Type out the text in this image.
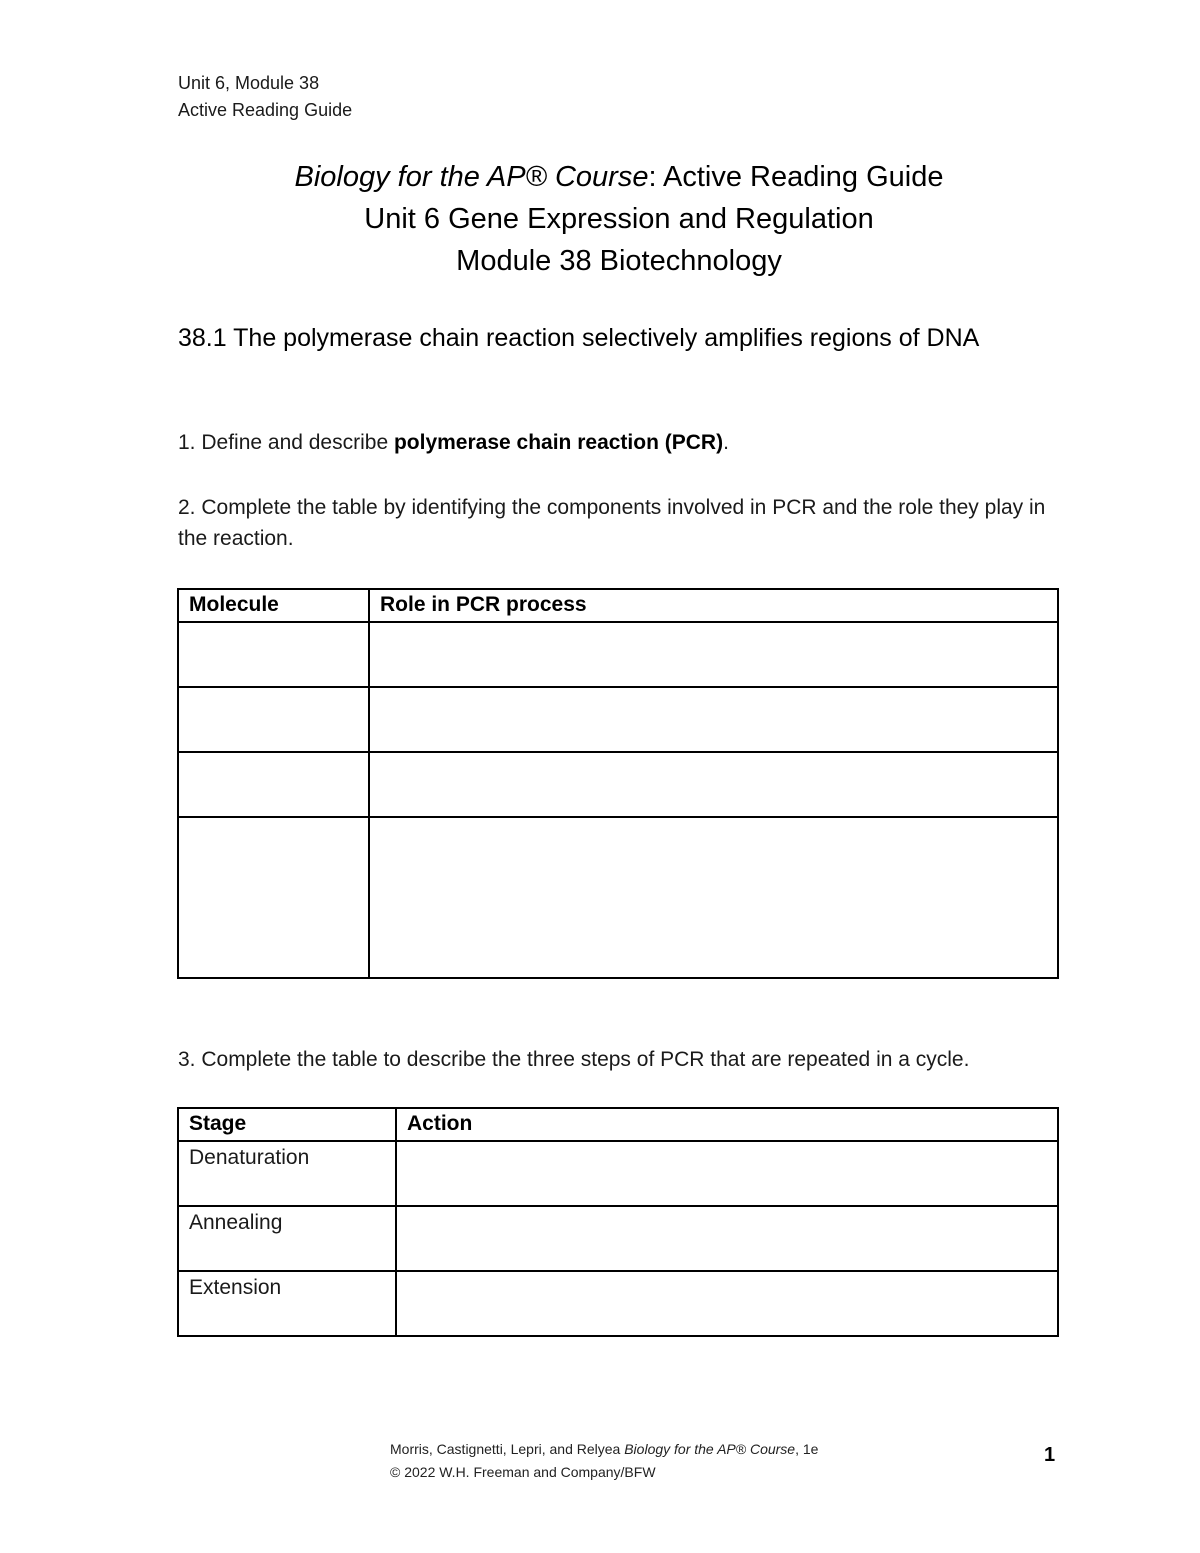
Unit 6, Module 38
Active Reading Guide
Biology for the AP® Course: Active Reading Guide
Unit 6 Gene Expression and Regulation
Module 38 Biotechnology
38.1 The polymerase chain reaction selectively amplifies regions of DNA
1. Define and describe polymerase chain reaction (PCR).
2. Complete the table by identifying the components involved in PCR and the role they play in the reaction.
Molecule	Role in PCR process

3. Complete the table to describe the three steps of PCR that are repeated in a cycle.
Stage	Action
Denaturation	
Annealing	
Extension	
Morris, Castignetti, Lepri, and Relyea Biology for the AP® Course, 1e
© 2022 W.H. Freeman and Company/BFW
1
